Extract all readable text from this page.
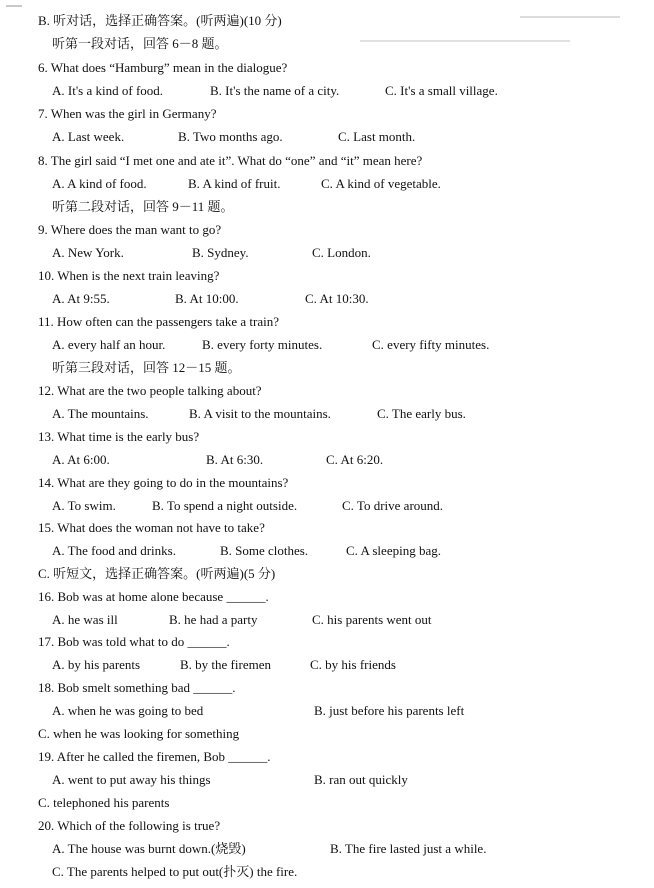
B. 听对话，选择正确答案。(听两遍)(10 分)
听第一段对话，回答 6－8 题。
6. What does “Hamburg” mean in the dialogue?
A. It's a kind of food.	B. It's the name of a city.	C. It's a small village.
7. When was the girl in Germany?
A. Last week.	B. Two months ago.	C. Last month.
8. The girl said “I met one and ate it”. What do “one” and “it” mean here?
A. A kind of food.	B. A kind of fruit.	C. A kind of vegetable.
听第二段对话，回答 9－11 题。
9. Where does the man want to go?
A. New York.	B. Sydney.	C. London.
10. When is the next train leaving?
A. At 9:55.	B. At 10:00.	C. At 10:30.
11. How often can the passengers take a train?
A. every half an hour.	B. every forty minutes.	C. every fifty minutes.
听第三段对话，回答 12－15 题。
12. What are the two people talking about?
A. The mountains.	B. A visit to the mountains.	C. The early bus.
13. What time is the early bus?
A. At 6:00.	B. At 6:30.	C. At 6:20.
14. What are they going to do in the mountains?
A. To swim.	B. To spend a night outside.	C. To drive around.
15. What does the woman not have to take?
A. The food and drinks.	B. Some clothes.	C. A sleeping bag.
C. 听短文，选择正确答案。(听两遍)(5 分)
16. Bob was at home alone because ______.
A. he was ill	B. he had a party	C. his parents went out
17. Bob was told what to do ______.
A. by his parents	B. by the firemen	C. by his friends
18. Bob smelt something bad ______.
A. when he was going to bed	B. just before his parents left
C. when he was looking for something
19. After he called the firemen, Bob ______.
A. went to put away his things	B. ran out quickly
C. telephoned his parents
20. Which of the following is true?
A. The house was burnt down.(烧毁)	B. The fire lasted just a while.
C. The parents helped to put out(扑灭) the fire.
